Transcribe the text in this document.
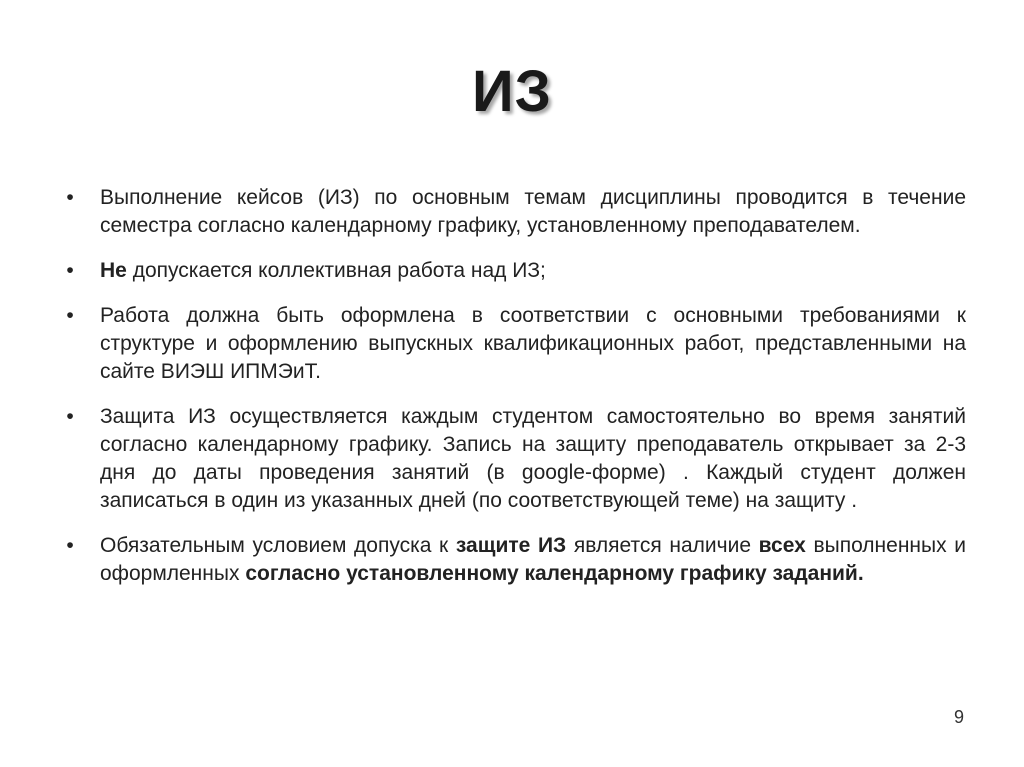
ИЗ
• Выполнение кейсов (ИЗ) по основным темам дисциплины проводится в течение семестра согласно календарному графику, установленному преподавателем.
• Не допускается коллективная работа над ИЗ;
• Работа должна быть оформлена в соответствии с основными требованиями к структуре и оформлению выпускных квалификационных работ, представленными на сайте ВИЭШ ИПМЭиТ.
• Защита ИЗ осуществляется каждым студентом самостоятельно во время занятий согласно календарному графику. Запись на защиту преподаватель открывает за 2-3 дня до даты проведения занятий (в google-форме) . Каждый студент должен записаться в один из указанных дней (по соответствующей теме) на защиту .
• Обязательным условием допуска к защите ИЗ является наличие всех выполненных и оформленных согласно установленному календарному графику заданий.
9
